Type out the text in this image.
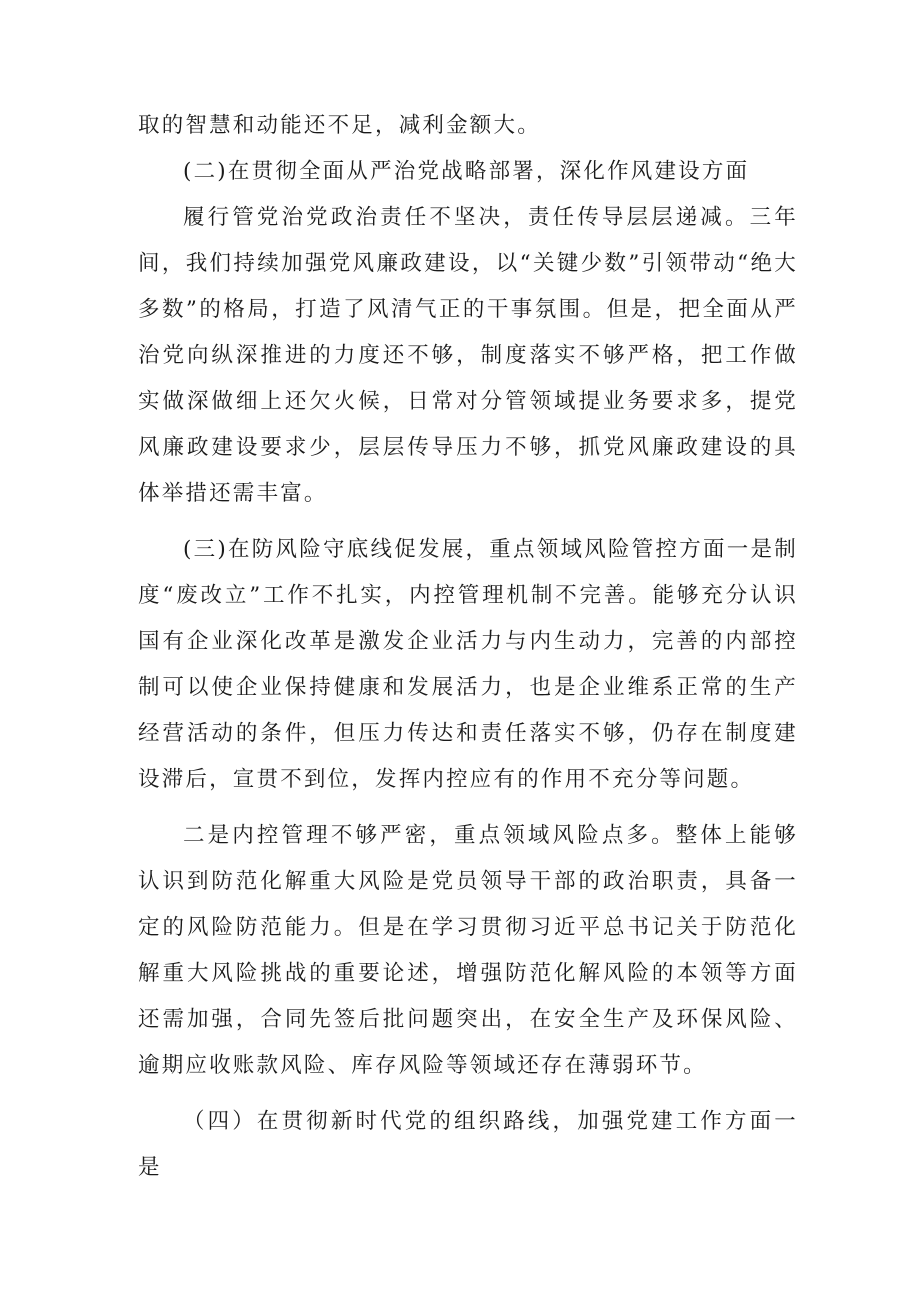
取的智慧和动能还不足，减利金额大。

(二)在贯彻全面从严治党战略部署，深化作风建设方面

履行管党治党政治责任不坚决，责任传导层层递减。三年间，我们持续加强党风廉政建设，以“关键少数”引领带动“绝大多数”的格局，打造了风清气正的干事氛围。但是，把全面从严治党向纵深推进的力度还不够，制度落实不够严格，把工作做实做深做细上还欠火候，日常对分管领域提业务要求多，提党风廉政建设要求少，层层传导压力不够，抓党风廉政建设的具体举措还需丰富。

(三)在防风险守底线促发展，重点领域风险管控方面一是制度“废改立”工作不扎实，内控管理机制不完善。能够充分认识国有企业深化改革是激发企业活力与内生动力，完善的内部控制可以使企业保持健康和发展活力，也是企业维系正常的生产经营活动的条件，但压力传达和责任落实不够，仍存在制度建设滞后，宣贯不到位，发挥内控应有的作用不充分等问题。

二是内控管理不够严密，重点领域风险点多。整体上能够认识到防范化解重大风险是党员领导干部的政治职责，具备一定的风险防范能力。但是在学习贯彻习近平总书记关于防范化解重大风险挑战的重要论述，增强防范化解风险的本领等方面还需加强，合同先签后批问题突出，在安全生产及环保风险、逾期应收账款风险、库存风险等领域还存在薄弱环节。

（四）在贯彻新时代党的组织路线，加强党建工作方面一是
